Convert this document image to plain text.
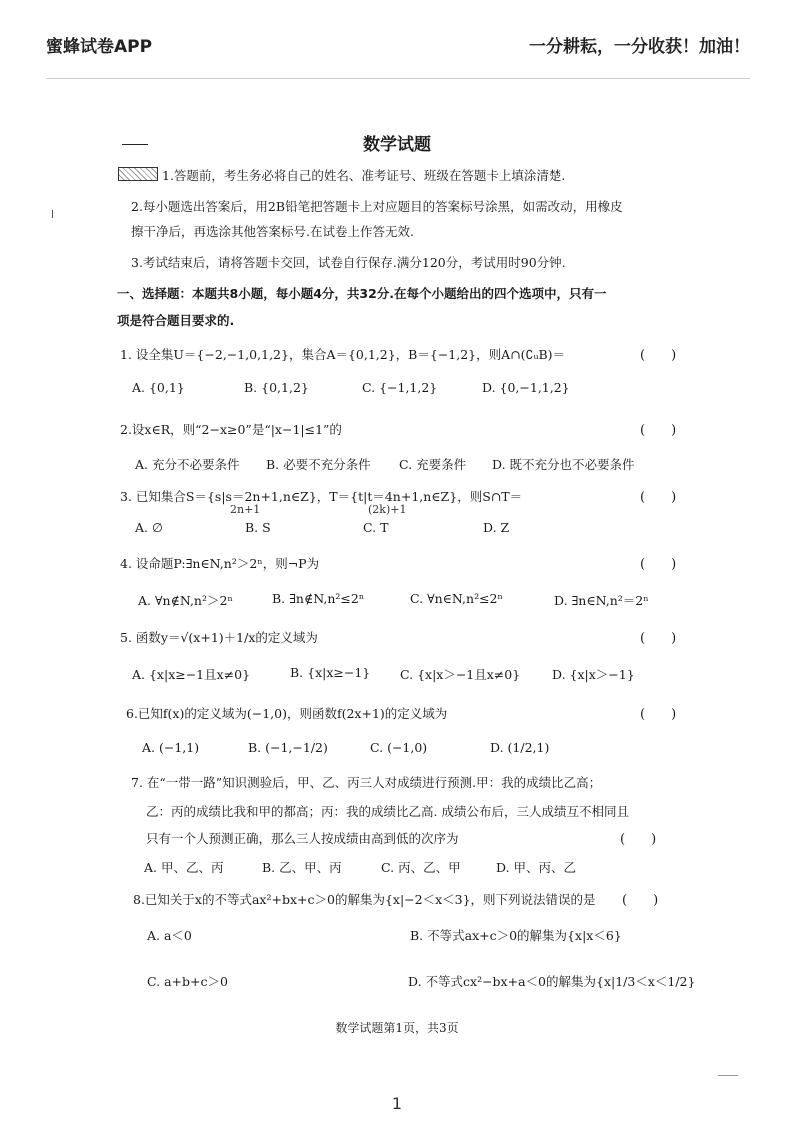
蜜蜂试卷APP	一分耕耘，一分收获！加油！
数学试题
1.答题前，考生务必将自己的姓名、准考证号、班级在答题卡上填涂清楚.
2.每小题选出答案后，用2B铅笔把答题卡上对应题目的答案标号涂黑，如需改动，用橡皮
擦干净后，再选涂其他答案标号.在试卷上作答无效.
3.考试结束后，请将答题卡交回，试卷自行保存.满分120分，考试用时90分钟.
一、选择题：本题共8小题，每小题4分，共32分.在每个小题给出的四个选项中，只有一
项是符合题目要求的.
1. 设全集U＝{−2,−1,0,1,2}，集合A＝{0,1,2}，B＝{−1,2}，则A∩(∁ᵤB)＝	(　　)
A. {0,1}	B. {0,1,2}	C. {−1,1,2}	D. {0,−1,1,2}
2.设x∈R，则“2−x≥0”是“|x−1|≤1”的	(　　)
A. 充分不必要条件 B. 必要不充分条件 C. 充要条件 D. 既不充分也不必要条件
3. 已知集合S＝{s|s＝2n+1,n∈Z}，T＝{t|t＝4n+1,n∈Z}，则S∩T＝	(　　)
2n+1	(2k)+1
A. ∅	B. S	C. T	D. Z
4. 设命题P:∃n∈N,n²＞2ⁿ，则¬P为	(　　)
A. ∀n∉N,n²＞2ⁿ	B. ∃n∉N,n²≤2ⁿ	C. ∀n∈N,n²≤2ⁿ	D. ∃n∈N,n²＝2ⁿ
5. 函数y＝√(x+1)＋1/x的定义域为	(　　)
A. {x|x≥−1且x≠0}	B. {x|x≥−1} C. {x|x＞−1且x≠0}	D. {x|x＞−1}
6.已知f(x)的定义域为(−1,0)，则函数f(2x+1)的定义域为	(　　)
A. (−1,1)	B. (−1,−1/2)	C. (−1,0)	D. (1/2,1)
7. 在“一带一路”知识测验后，甲、乙、丙三人对成绩进行预测.甲：我的成绩比乙高；
乙：丙的成绩比我和甲的都高；丙：我的成绩比乙高. 成绩公布后，三人成绩互不相同且
只有一个人预测正确，那么三人按成绩由高到低的次序为	(　　)
A. 甲、乙、丙	B. 乙、甲、丙	C. 丙、乙、甲	D. 甲、丙、乙
8.已知关于x的不等式ax²+bx+c＞0的解集为{x|−2＜x＜3}，则下列说法错误的是 (　　)
A. a＜0	B. 不等式ax+c＞0的解集为{x|x＜6}
C. a+b+c＞0	D. 不等式cx²−bx+a＜0的解集为{x|1/3＜x＜1/2}
数学试题第1页，共3页
1
